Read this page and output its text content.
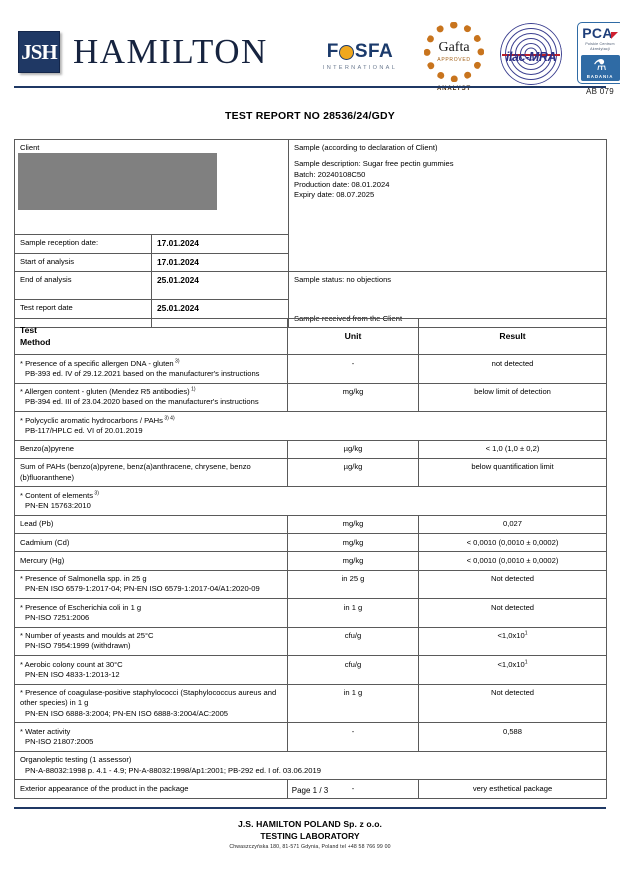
JSH HAMILTON	F SFA
INTERNATIONAL
Gafta
APPROVED
ANALYST
ilac-MRA
PCA
Polskie Centrum Akredytacji
⚗
BADANIA
AB 079
TEST REPORT NO 28536/24/GDY
Client		Sample (according to declaration of Client)
Sample description: Sugar free pectin gummies
Batch: 20240108C50
Production date: 08.01.2024
Expiry date: 08.07.2025

Sample reception date:	17.01.2024	
Start of analysis	17.01.2024	
End of analysis	25.01.2024	Sample status: no objections
Sample received from the Client

Test report date	25.01.2024	
Test
Method	Unit	Result

* Presence of a specific allergen DNA - gluten $^{3)}$
PB-393 ed. IV of 29.12.2021 based on the manufacturer's instructions	-	not detected

* Allergen content - gluten (Mendez R5 antibodies) $^{1)}$
PB-394 ed. III of 23.04.2020 based on the manufacturer's instructions	mg/kg	below limit of detection

* Polycyclic aromatic hydrocarbons / PAHs $^{3) 4)}$
PB-117/HPLC ed. VI of 20.01.2019		

Benzo(a)pyrene	µg/kg	< 1,0 (1,0 ± 0,2)

Sum of PAHs (benzo(a)pyrene, benz(a)anthracene, chrysene, benzo (b)fluoranthene)	µg/kg	below quantification limit

* Content of elements $^{3)}$
PN-EN 15763:2010		

Lead (Pb)	mg/kg	0,027

Cadmium (Cd)	mg/kg	< 0,0010 (0,0010 ± 0,0002)

Mercury (Hg)	mg/kg	< 0,0010 (0,0010 ± 0,0002)

* Presence of Salmonella spp. in 25 g
PN-EN ISO 6579-1:2017-04; PN-EN ISO 6579-1:2017-04/A1:2020-09	in 25 g	Not detected

* Presence of Escherichia coli in 1 g
PN-ISO 7251:2006	in 1 g	Not detected

* Number of yeasts and moulds at 25°C
PN-ISO 7954:1999 (withdrawn)	cfu/g	$<1,0x10^1$

* Aerobic colony count at 30°C
PN-EN ISO 4833-1:2013-12	cfu/g	$<1,0x10^1$

* Presence of coagulase-positive staphylococci (Staphylococcus aureus and other species) in 1 g
PN-EN ISO 6888-3:2004; PN-EN ISO 6888-3:2004/AC:2005	in 1 g	Not detected

* Water activity
PN-ISO 21807:2005	-	0,588

Organoleptic testing (1 assessor)
PN-A-88032:1998 p. 4.1 - 4.9; PN-A-88032:1998/Ap1:2001; PB-292 ed. I of. 03.06.2019		

Exterior appearance of the product in the package	-	very esthetical package
Page 1 / 3
J.S. HAMILTON POLAND Sp. z o.o.
TESTING LABORATORY
Chwaszczyńska 180, 81-571 Gdynia, Poland tel +48 58 766 99 00
